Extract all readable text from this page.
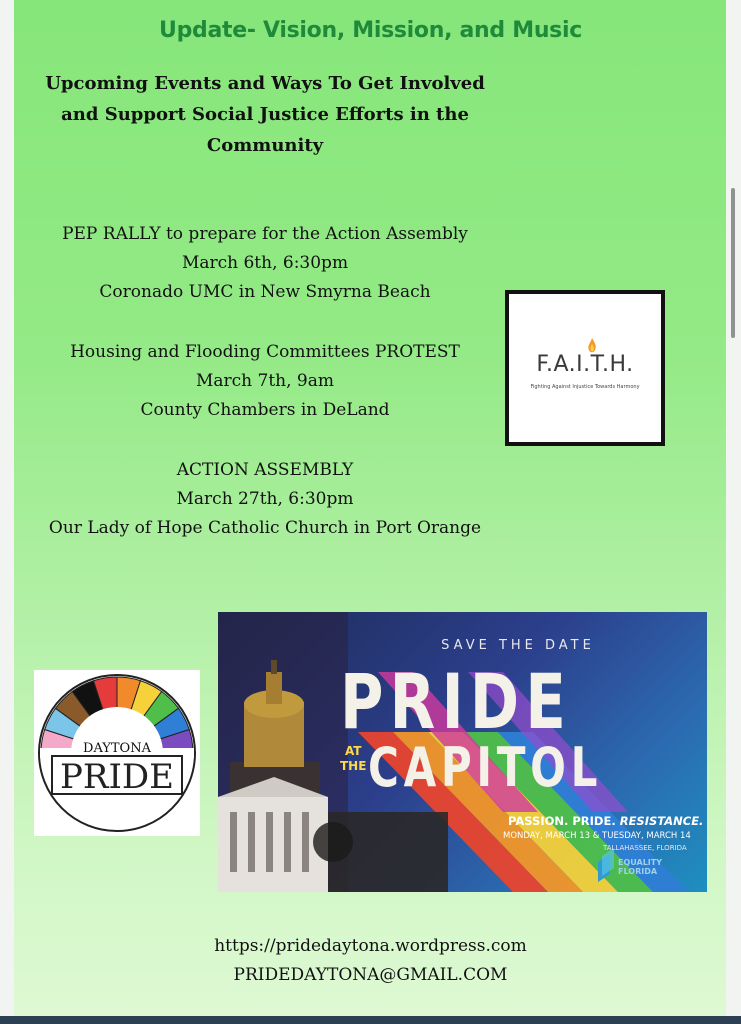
Update- Vision, Mission, and Music
Upcoming Events and Ways To Get Involved
and Support Social Justice Efforts in the
Community
PEP RALLY to prepare for the Action Assembly
March 6th, 6:30pm
Coronado UMC in New Smyrna Beach
Housing and Flooding Committees PROTEST
March 7th, 9am
County Chambers in DeLand
ACTION ASSEMBLY
March 27th, 6:30pm
Our Lady of Hope Catholic Church in Port Orange
F.A.I.T.H.
Fighting Against Injustice Towards Harmony
DAYTONA
PRIDE
SAVE THE DATE
PRIDE
AT
THE CAPITOL
PASSION. PRIDE. RESISTANCE.
MONDAY, MARCH 13 & TUESDAY, MARCH 14
TALLAHASSEE, FLORIDA
EQUALITY
FLORIDA
https://pridedaytona.wordpress.com
PRIDEDAYTONA@GMAIL.COM
